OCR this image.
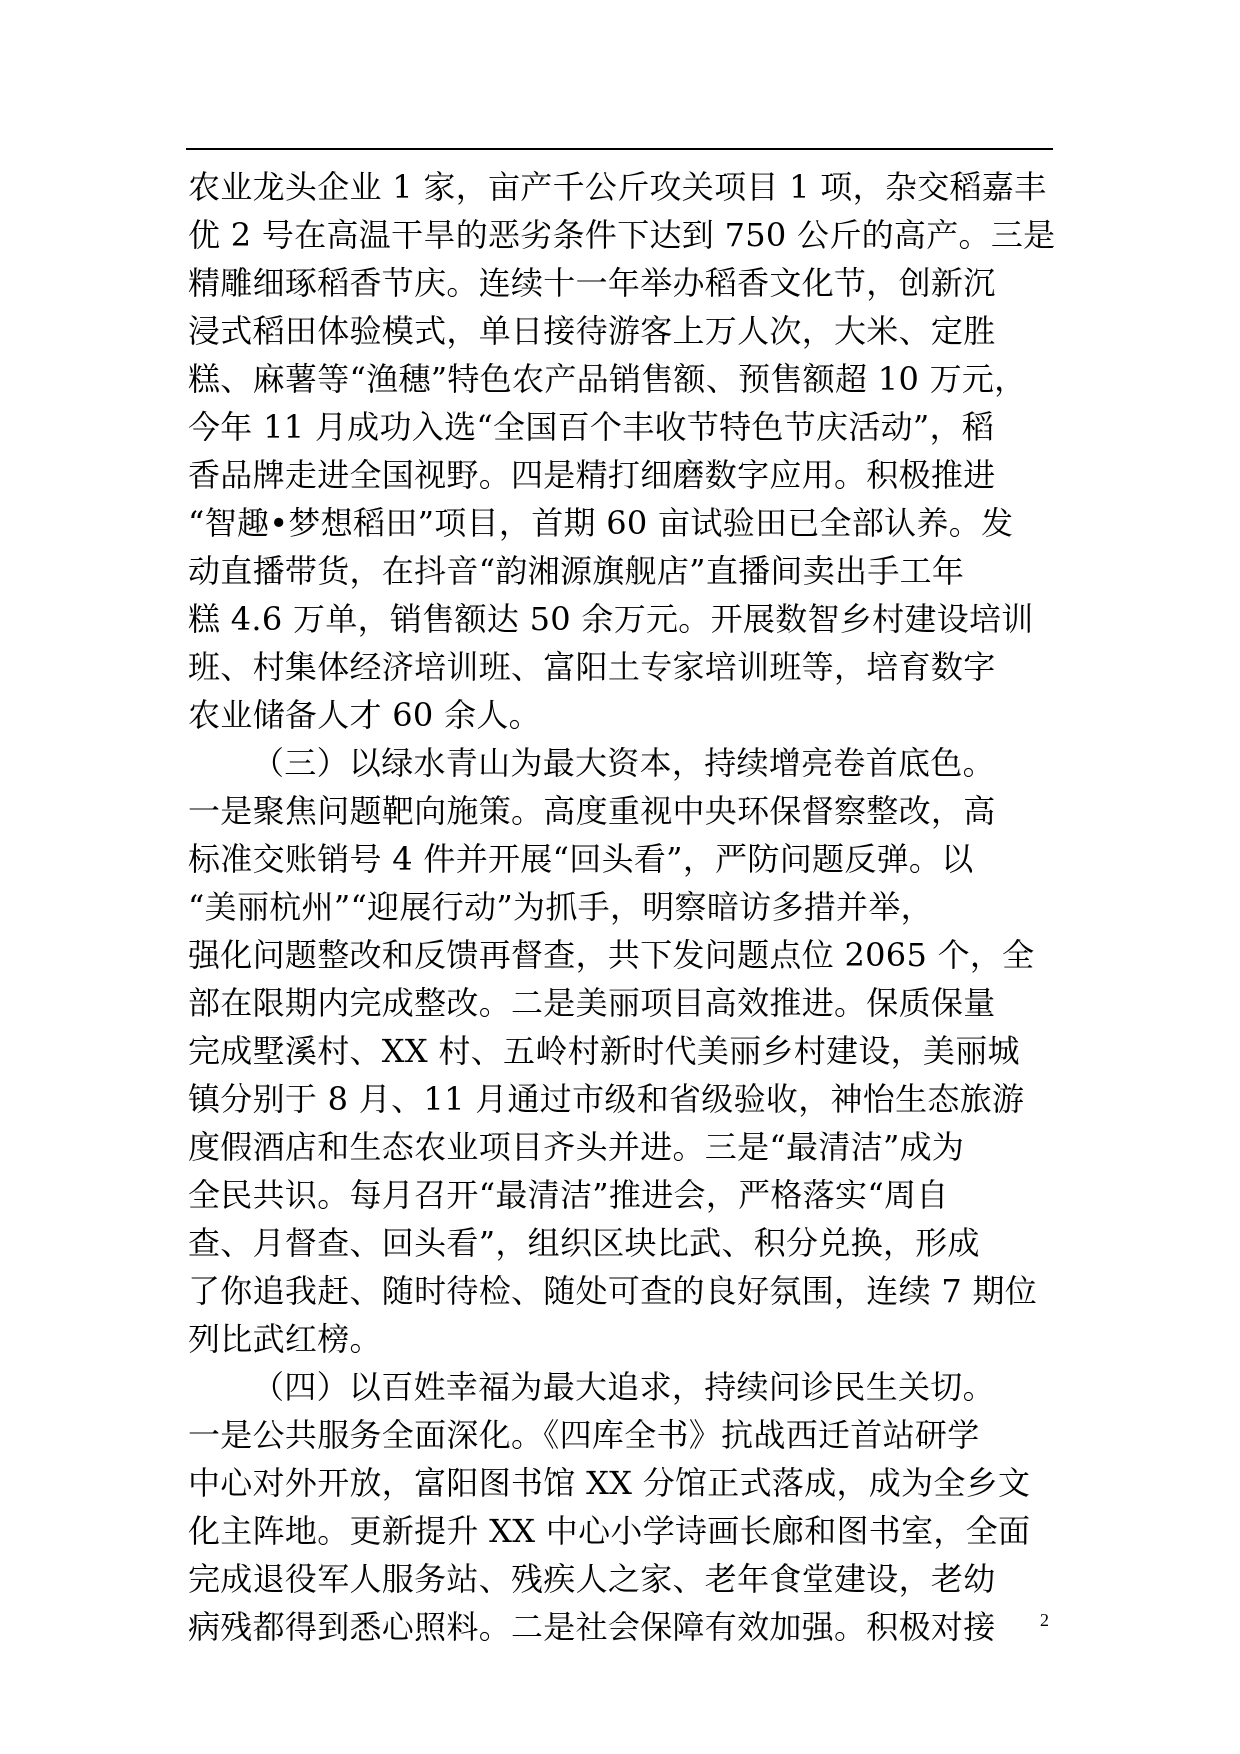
农业龙头企业 1 家，亩产千公斤攻关项目 1 项，杂交稻嘉丰
优 2 号在高温干旱的恶劣条件下达到 750 公斤的高产。三是
精雕细琢稻香节庆。连续十一年举办稻香文化节，创新沉
浸式稻田体验模式，单日接待游客上万人次，大米、定胜
糕、麻薯等“渔穗”特色农产品销售额、预售额超 10 万元，
今年 11 月成功入选“全国百个丰收节特色节庆活动”，稻
香品牌走进全国视野。四是精打细磨数字应用。积极推进
“智趣•梦想稻田”项目，首期 60 亩试验田已全部认养。发
动直播带货，在抖音“韵湘源旗舰店”直播间卖出手工年
糕 4.6 万单，销售额达 50 余万元。开展数智乡村建设培训
班、村集体经济培训班、富阳土专家培训班等，培育数字
农业储备人才 60 余人。
（三）以绿水青山为最大资本，持续增亮卷首底色。
一是聚焦问题靶向施策。高度重视中央环保督察整改，高
标准交账销号 4 件并开展“回头看”，严防问题反弹。以
“美丽杭州”“迎展行动”为抓手，明察暗访多措并举，
强化问题整改和反馈再督查，共下发问题点位 2065 个，全
部在限期内完成整改。二是美丽项目高效推进。保质保量
完成墅溪村、XX 村、五岭村新时代美丽乡村建设，美丽城
镇分别于 8 月、11 月通过市级和省级验收，神怡生态旅游
度假酒店和生态农业项目齐头并进。三是“最清洁”成为
全民共识。每月召开“最清洁”推进会，严格落实“周自
查、月督查、回头看”，组织区块比武、积分兑换，形成
了你追我赶、随时待检、随处可查的良好氛围，连续 7 期位
列比武红榜。
（四）以百姓幸福为最大追求，持续问诊民生关切。
一是公共服务全面深化。《四库全书》抗战西迁首站研学
中心对外开放，富阳图书馆 XX 分馆正式落成，成为全乡文
化主阵地。更新提升 XX 中心小学诗画长廊和图书室，全面
完成退役军人服务站、残疾人之家、老年食堂建设，老幼
病残都得到悉心照料。二是社会保障有效加强。积极对接	2
